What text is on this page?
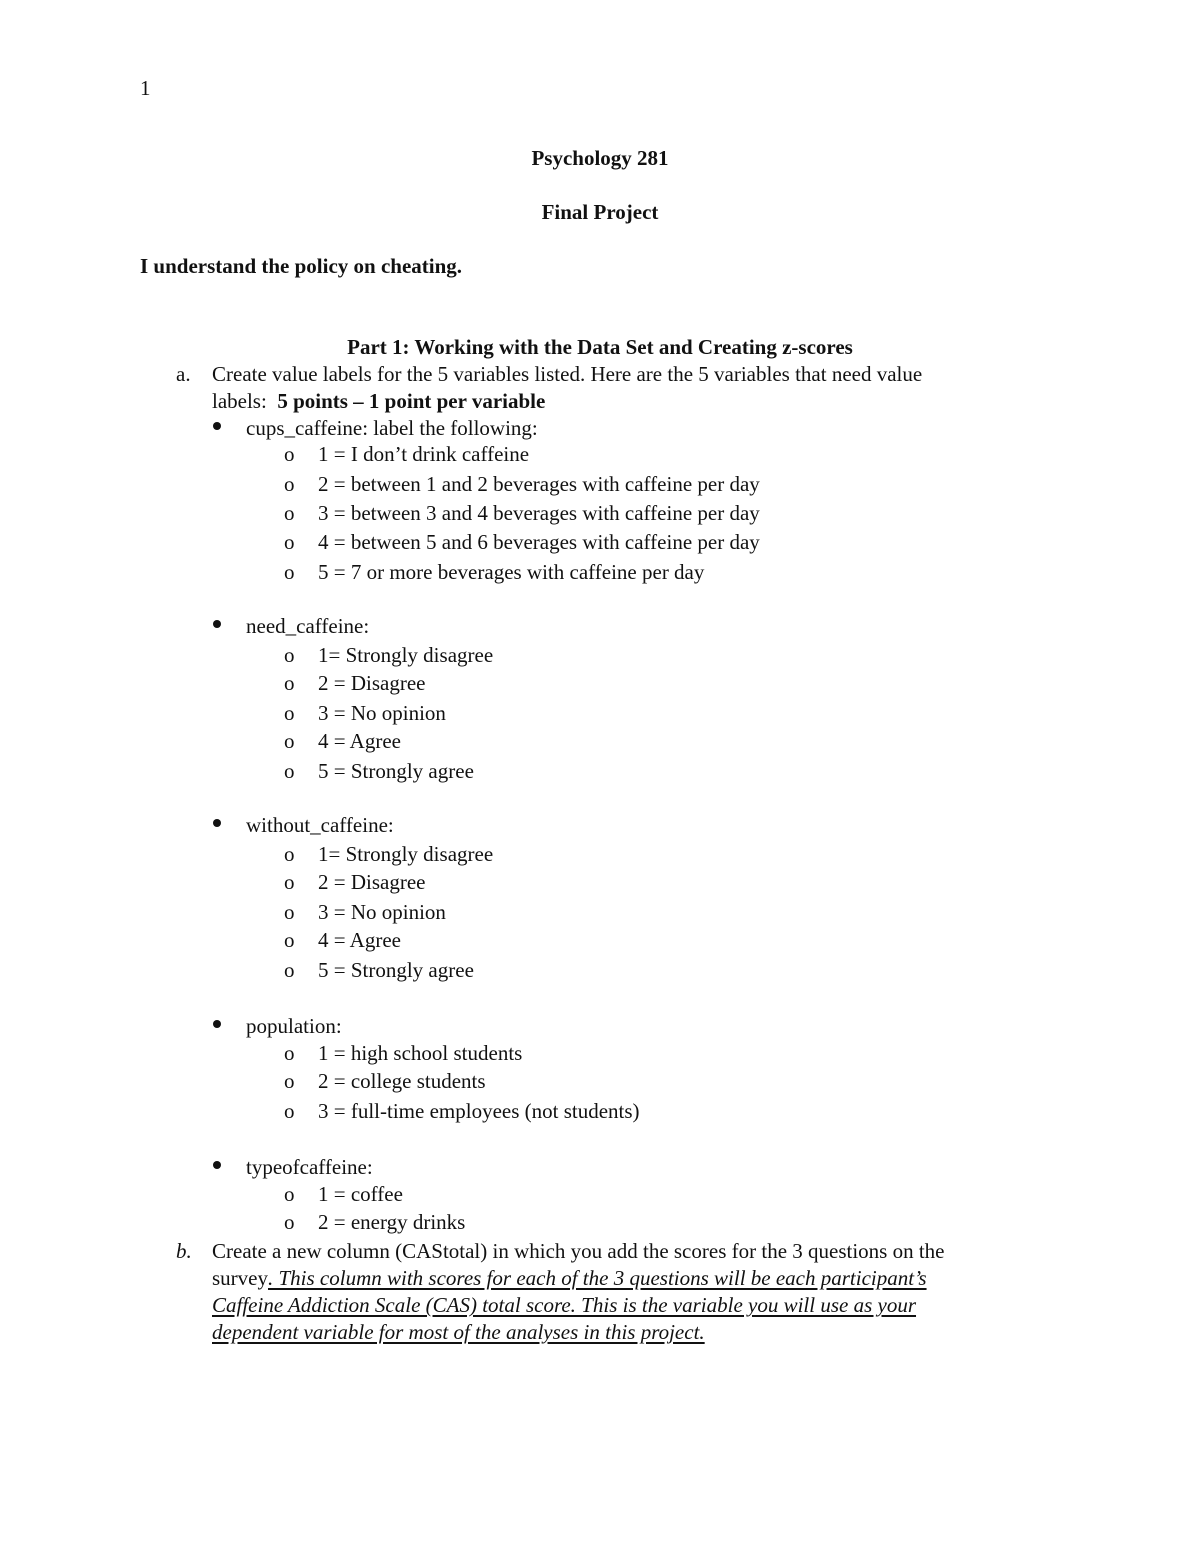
1
Psychology 281
Final Project
I understand the policy on cheating.
Part 1: Working with the Data Set and Creating z-scores
a. Create value labels for the 5 variables listed. Here are the 5 variables that need value
labels:  5 points – 1 point per variable
cups_caffeine: label the following:
o 1 = I don’t drink caffeine
o 2 = between 1 and 2 beverages with caffeine per day
o 3 = between 3 and 4 beverages with caffeine per day
o 4 = between 5 and 6 beverages with caffeine per day
o 5 = 7 or more beverages with caffeine per day
need_caffeine:
o 1= Strongly disagree
o 2 = Disagree
o 3 = No opinion
o 4 = Agree
o 5 = Strongly agree
without_caffeine:
o 1= Strongly disagree
o 2 = Disagree
o 3 = No opinion
o 4 = Agree
o 5 = Strongly agree
population:
o 1 = high school students
o 2 = college students
o 3 = full-time employees (not students)
typeofcaffeine:
o 1 = coffee
o 2 = energy drinks
b. Create a new column (CAStotal) in which you add the scores for the 3 questions on the
survey. This column with scores for each of the 3 questions will be each participant’s
Caffeine Addiction Scale (CAS) total score. This is the variable you will use as your
dependent variable for most of the analyses in this project.
